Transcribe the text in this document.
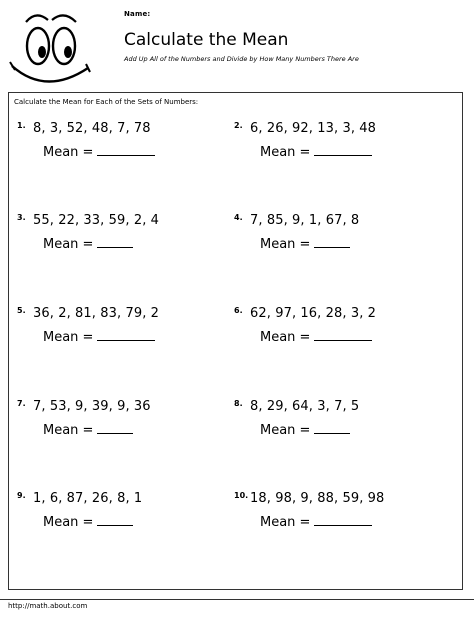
Name:
Calculate the Mean
Add Up All of the Numbers and Divide by How Many Numbers There Are
Calculate the Mean for Each of the Sets of Numbers:
1. 8, 3, 52, 48, 7, 78
Mean =
2. 6, 26, 92, 13, 3, 48
Mean =
3. 55, 22, 33, 59, 2, 4
Mean =
4. 7, 85, 9, 1, 67, 8
Mean =
5. 36, 2, 81, 83, 79, 2
Mean =
6. 62, 97, 16, 28, 3, 2
Mean =
7. 7, 53, 9, 39, 9, 36
Mean =
8. 8, 29, 64, 3, 7, 5
Mean =
9. 1, 6, 87, 26, 8, 1
Mean =
10. 18, 98, 9, 88, 59, 98
Mean =
http://math.about.com
